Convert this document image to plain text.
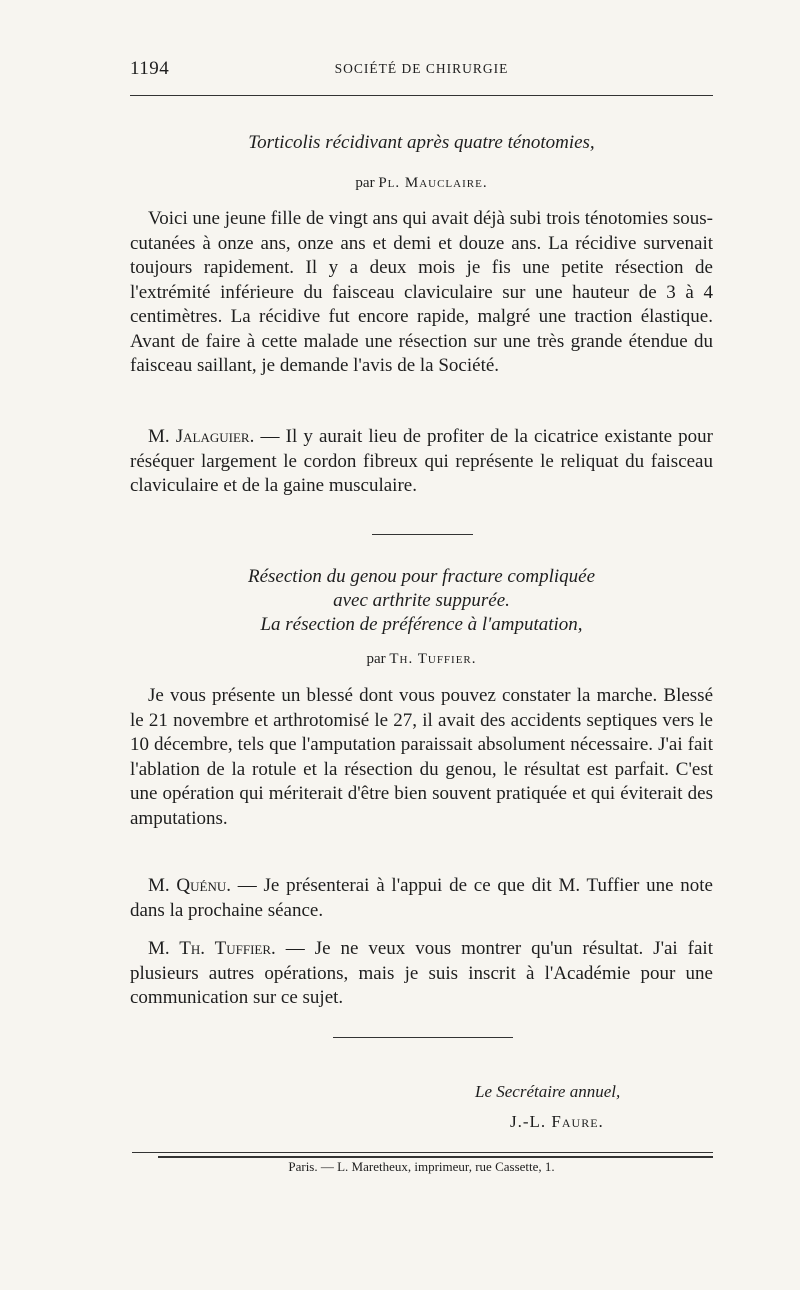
1194	SOCIÉTÉ DE CHIRURGIE

Torticolis récidivant après quatre ténotomies,

par Pl. Mauclaire.

Voici une jeune fille de vingt ans qui avait déjà subi trois ténotomies sous-cutanées à onze ans, onze ans et demi et douze ans. La récidive survenait toujours rapidement. Il y a deux mois je fis une petite résection de l'extrémité inférieure du faisceau claviculaire sur une hauteur de 3 à 4 centimètres. La récidive fut encore rapide, malgré une traction élastique. Avant de faire à cette malade une résection sur une très grande étendue du faisceau saillant, je demande l'avis de la Société.

M. Jalaguier. — Il y aurait lieu de profiter de la cicatrice existante pour réséquer largement le cordon fibreux qui représente le reliquat du faisceau claviculaire et de la gaine musculaire.

Résection du genou pour fracture compliquée

avec arthrite suppurée.

La résection de préférence à l'amputation,

par Th. Tuffier.

Je vous présente un blessé dont vous pouvez constater la marche. Blessé le 21 novembre et arthrotomisé le 27, il avait des accidents septiques vers le 10 décembre, tels que l'amputation paraissait absolument nécessaire. J'ai fait l'ablation de la rotule et la résection du genou, le résultat est parfait. C'est une opération qui mériterait d'être bien souvent pratiquée et qui éviterait des amputations.

M. Quénu. — Je présenterai à l'appui de ce que dit M. Tuffier une note dans la prochaine séance.

M. Th. Tuffier. — Je ne veux vous montrer qu'un résultat. J'ai fait plusieurs autres opérations, mais je suis inscrit à l'Académie pour une communication sur ce sujet.

Le Secrétaire annuel,
J.-L. Faure.
Paris. — L. Maretheux, imprimeur, rue Cassette, 1.
